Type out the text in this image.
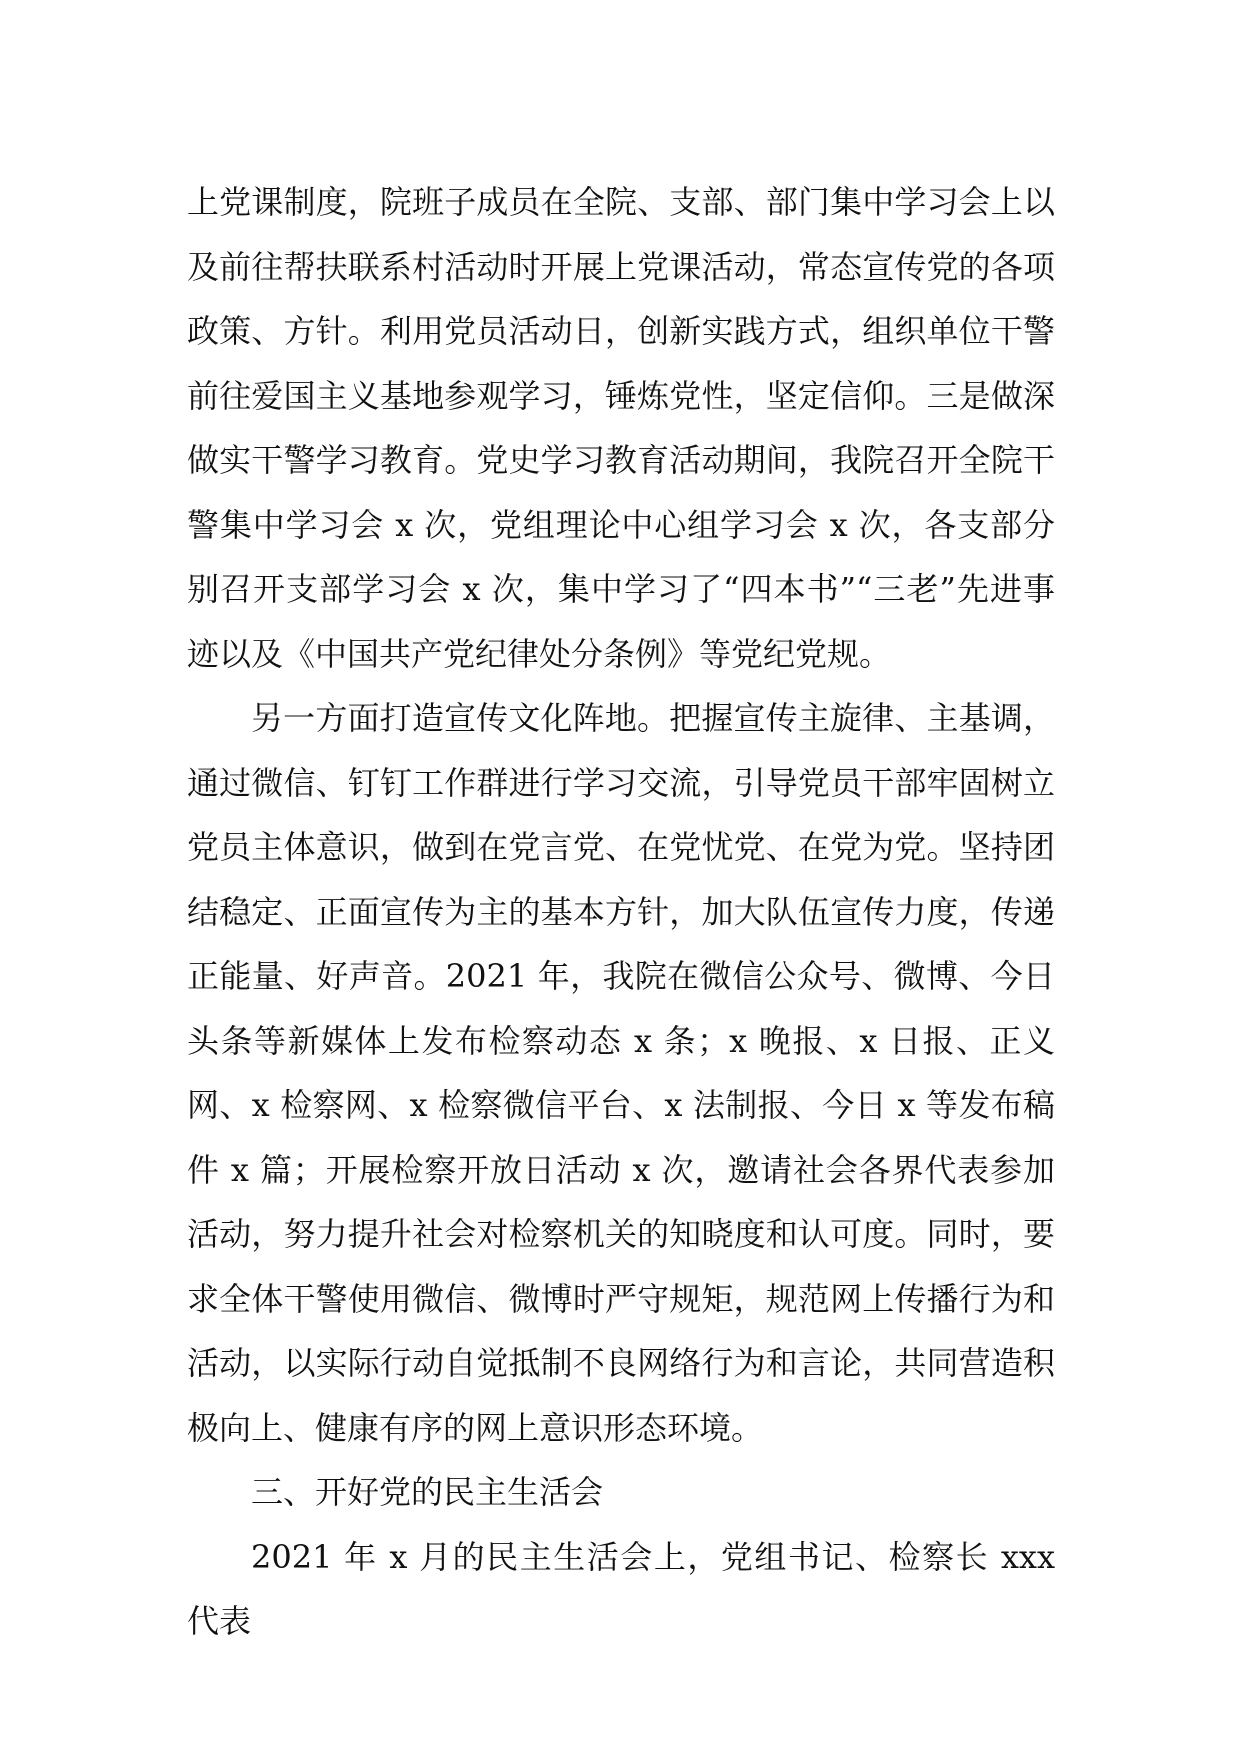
上党课制度，院班子成员在全院、支部、部门集中学习会上以及前往帮扶联系村活动时开展上党课活动，常态宣传党的各项政策、方针。利用党员活动日，创新实践方式，组织单位干警前往爱国主义基地参观学习，锤炼党性，坚定信仰。三是做深做实干警学习教育。党史学习教育活动期间，我院召开全院干警集中学习会 x 次，党组理论中心组学习会 x 次，各支部分别召开支部学习会 x 次，集中学习了“四本书”“三老”先进事迹以及《中国共产党纪律处分条例》等党纪党规。

另一方面打造宣传文化阵地。把握宣传主旋律、主基调，通过微信、钉钉工作群进行学习交流，引导党员干部牢固树立党员主体意识，做到在党言党、在党忧党、在党为党。坚持团结稳定、正面宣传为主的基本方针，加大队伍宣传力度，传递正能量、好声音。2021 年，我院在微信公众号、微博、今日头条等新媒体上发布检察动态 x 条；x 晚报、x 日报、正义网、x 检察网、x 检察微信平台、x 法制报、今日 x 等发布稿件 x 篇；开展检察开放日活动 x 次，邀请社会各界代表参加活动，努力提升社会对检察机关的知晓度和认可度。同时，要求全体干警使用微信、微博时严守规矩，规范网上传播行为和活动，以实际行动自觉抵制不良网络行为和言论，共同营造积极向上、健康有序的网上意识形态环境。

三、开好党的民主生活会

2021 年 x 月的民主生活会上，党组书记、检察长 xxx 代表
